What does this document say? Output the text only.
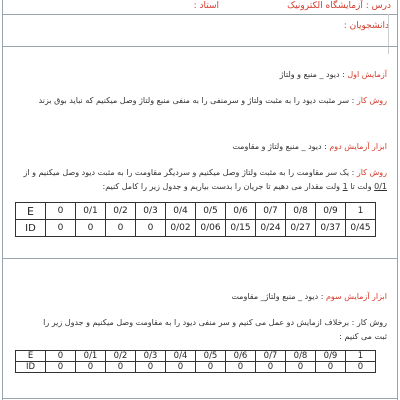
درس : آزمایشگاه الکترونیک
استاد :
دانشجویان :
آزمایش اول : دیود _ منبع و ولتاژ
روش کار : سر مثبت دیود را به مثبت ولتاژ و سرمنفی را به منفی منبع ولتاژ وصل میکنیم که نباید بوق بزند
ابزار آزمایش دوم : دیود _ منبع ولتاژ و مقاومت
روش کار : یک سر مقاومت را به مثبت ولتاژ وصل میکنیم و سردیگر مقاومت را به مثبت دیود وصل میکنیم و از
0/1 ولت تا 1 ولت مقدار می دهیم تا جریان را بدست بیاریم و جدول زیر را کامل کنیم:
E	0	0/1	0/2	0/3	0/4	0/5	0/6	0/7	0/8	0/9	1
ID	0	0	0	0	0/02	0/06	0/15	0/24	0/27	0/37	0/45
ابزار آزمایش سوم : دیود _ منبع ولتاژ_ مقاومت
روش کار : برخلاف ازمایش دو عمل می کنیم و سر منفی دیود را به مقاومت وصل میکنیم و جدول زیر را
ثبت می کنیم :
E	0	0/1	0/2	0/3	0/4	0/5	0/6	0/7	0/8	0/9	1
ID	0	0	0	0	0	0	0	0	0	0	0
